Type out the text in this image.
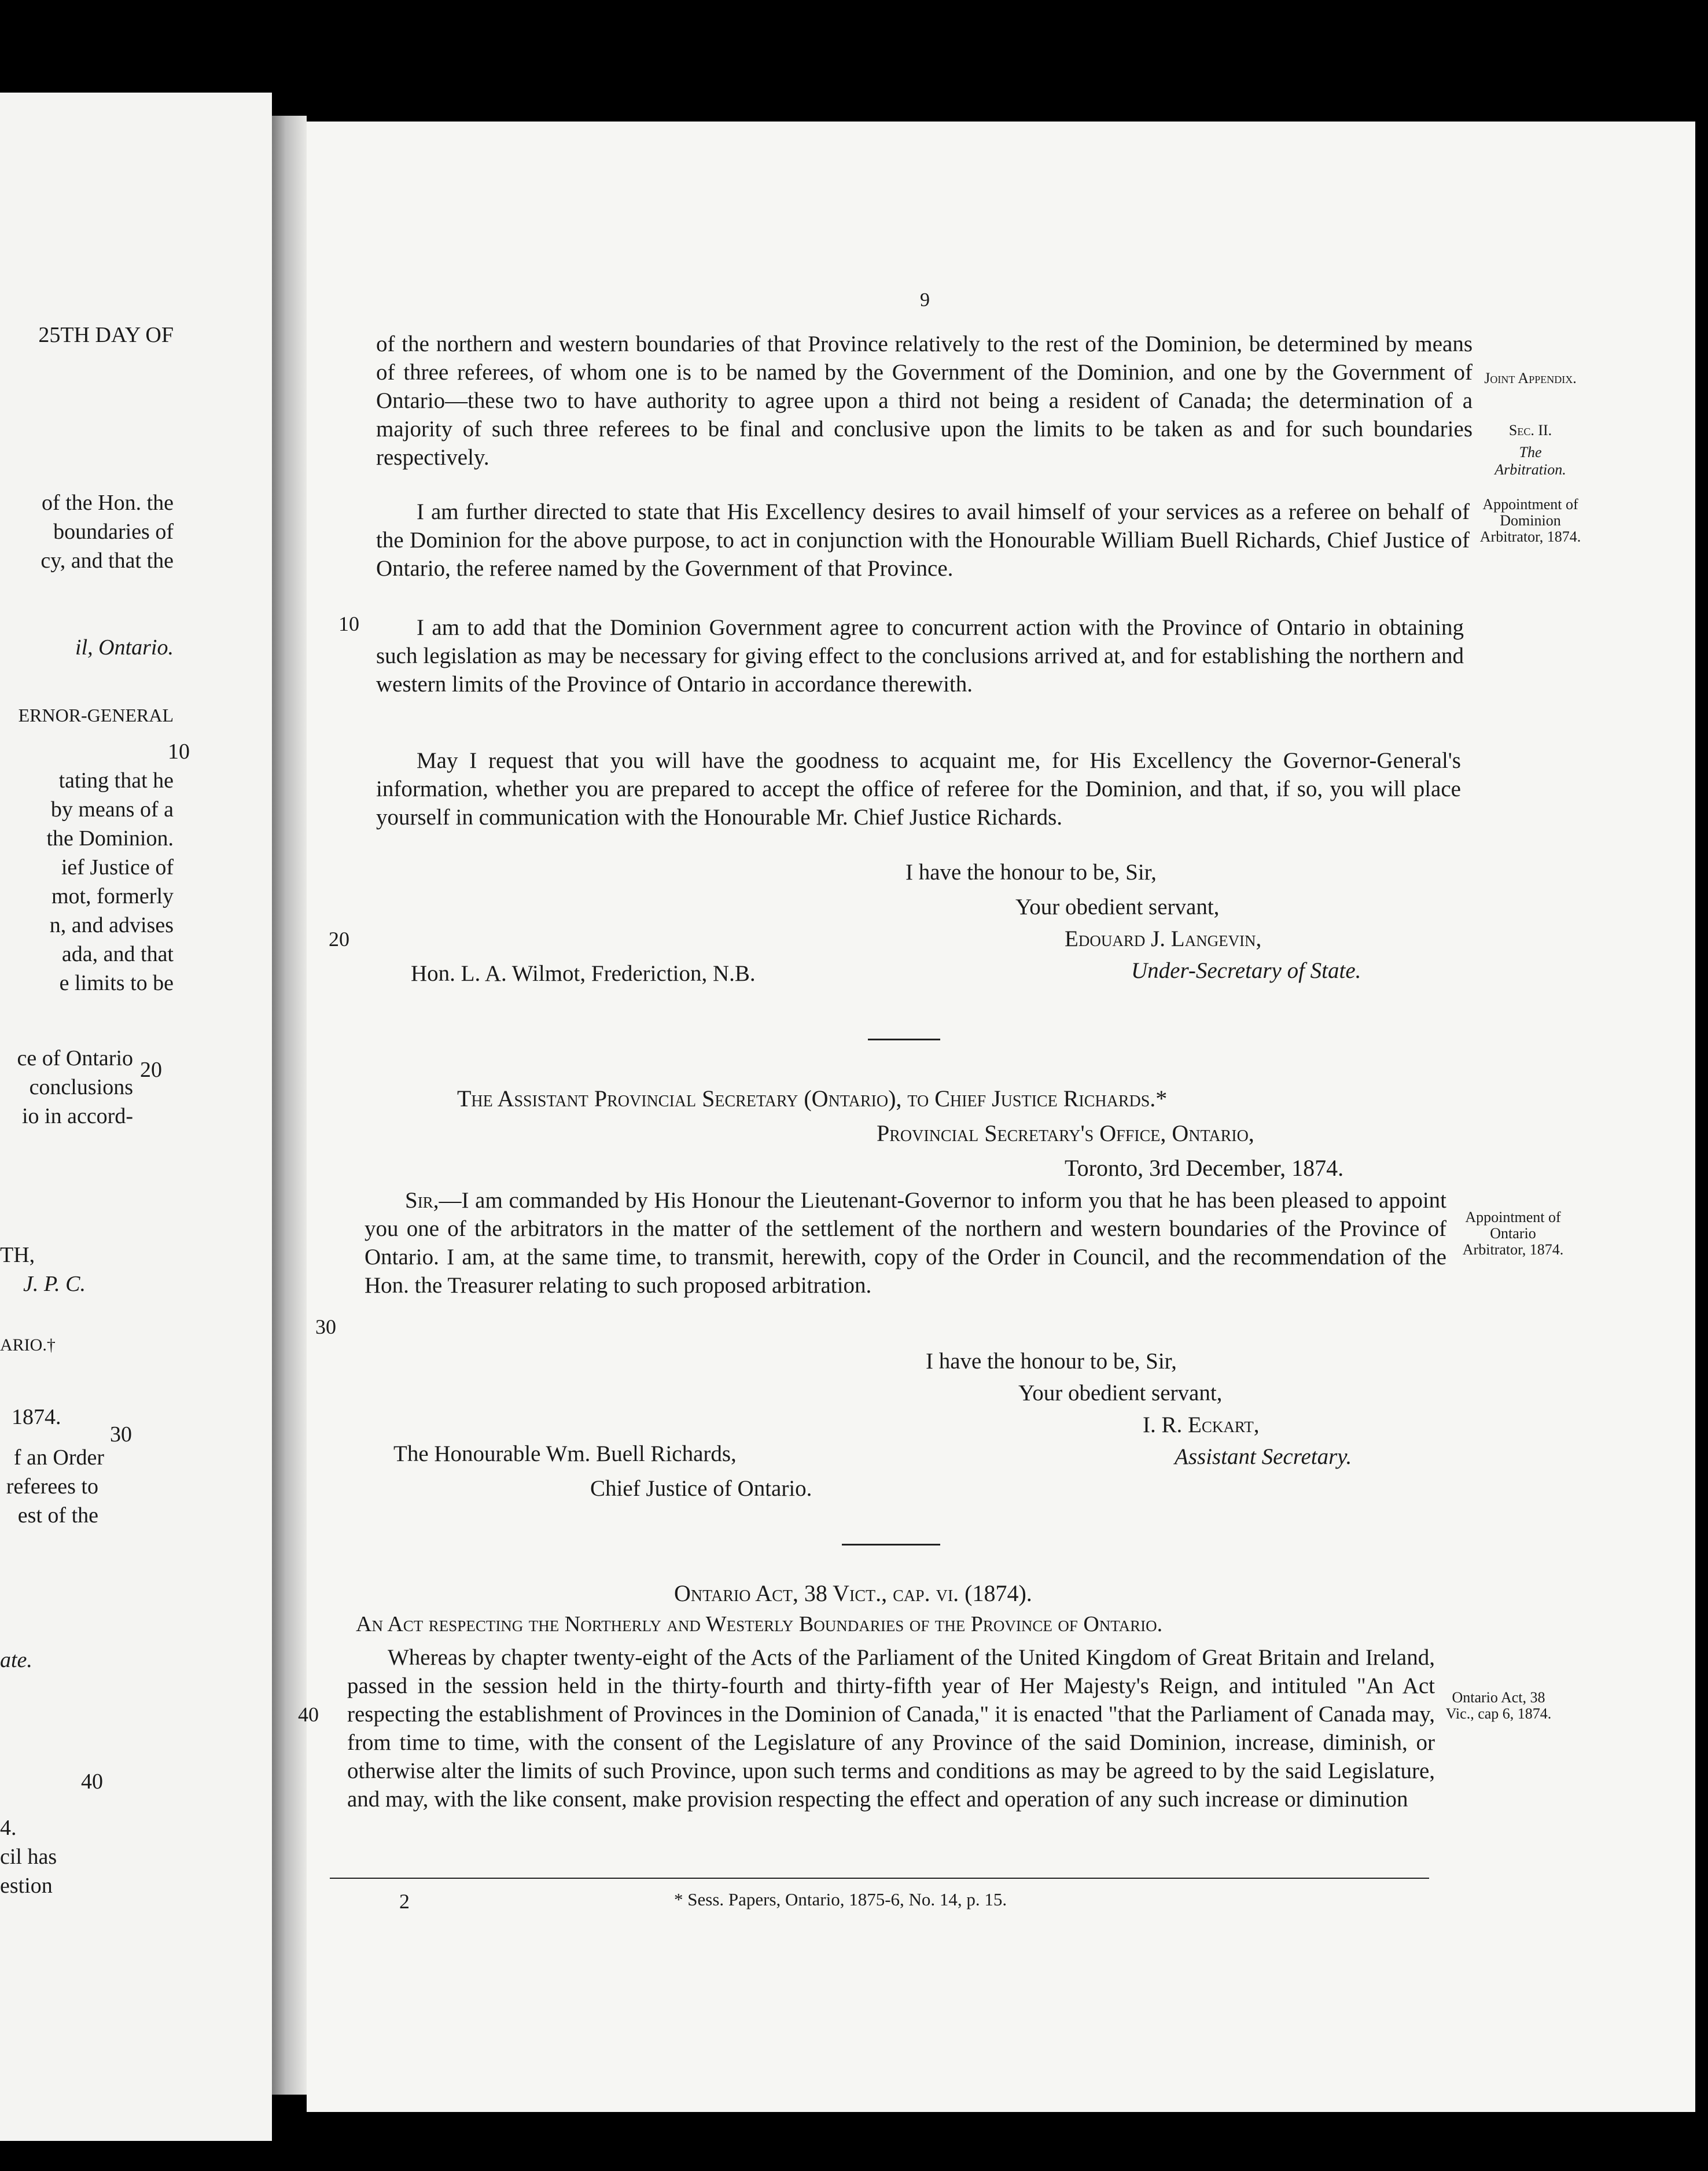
25TH DAY OF
of the Hon. the
boundaries of
cy, and that the
il, Ontario.
ERNOR-GENERAL
10
tating that he
by means of a
the Dominion.
ief Justice of
mot, formerly
n, and advises
ada, and that
e limits to be
ce of Ontario
conclusions
io in accord-
20
TH,
J. P. C.
ARIO.†
1874.
30
f an Order
referees to
est of the
ate.
40
4.
cil has
estion
9
Joint Appendix.
Sec. II.
The
Arbitration.
Appointment of Dominion Arbitrator, 1874.
Appointment of Ontario Arbitrator, 1874.
Ontario Act, 38 Vic., cap 6, 1874.
10
20
30
40
of the northern and western boundaries of that Province relatively to the rest of the Dominion, be determined by means of three referees, of whom one is to be named by the Government of the Dominion, and one by the Government of Ontario—these two to have authority to agree upon a third not being a resident of Canada; the determination of a majority of such three referees to be final and conclusive upon the limits to be taken as and for such boundaries respectively.
I am further directed to state that His Excellency desires to avail himself of your services as a referee on behalf of the Dominion for the above purpose, to act in conjunction with the Honourable William Buell Richards, Chief Justice of Ontario, the referee named by the Government of that Province.
I am to add that the Dominion Government agree to concurrent action with the Province of Ontario in obtaining such legislation as may be necessary for giving effect to the conclusions arrived at, and for establishing the northern and western limits of the Province of Ontario in accordance therewith.
May I request that you will have the goodness to acquaint me, for His Excellency the Governor-General's information, whether you are prepared to accept the office of referee for the Dominion, and that, if so, you will place yourself in communication with the Honourable Mr. Chief Justice Richards.
I have the honour to be, Sir,
Your obedient servant,
Edouard J. Langevin,
Under-Secretary of State.
Hon. L. A. Wilmot, Frederiction, N.B.
The Assistant Provincial Secretary (Ontario), to Chief Justice Richards.*
Provincial Secretary's Office, Ontario,
Toronto, 3rd December, 1874.
Sir,—I am commanded by His Honour the Lieutenant-Governor to inform you that he has been pleased to appoint you one of the arbitrators in the matter of the settlement of the northern and western boundaries of the Province of Ontario. I am, at the same time, to transmit, herewith, copy of the Order in Council, and the recommendation of the Hon. the Treasurer relating to such proposed arbitration.
I have the honour to be, Sir,
Your obedient servant,
I. R. Eckart,
Assistant Secretary.
The Honourable Wm. Buell Richards,
Chief Justice of Ontario.
Ontario Act, 38 Vict., cap. vi. (1874).
An Act respecting the Northerly and Westerly Boundaries of the Province of Ontario.
Whereas by chapter twenty-eight of the Acts of the Parliament of the United Kingdom of Great Britain and Ireland, passed in the session held in the thirty-fourth and thirty-fifth year of Her Majesty's Reign, and intituled "An Act respecting the establishment of Provinces in the Dominion of Canada," it is enacted "that the Parliament of Canada may, from time to time, with the consent of the Legislature of any Province of the said Dominion, increase, diminish, or otherwise alter the limits of such Province, upon such terms and conditions as may be agreed to by the said Legislature, and may, with the like consent, make provision respecting the effect and operation of any such increase or diminution
2	* Sess. Papers, Ontario, 1875-6, No. 14, p. 15.
